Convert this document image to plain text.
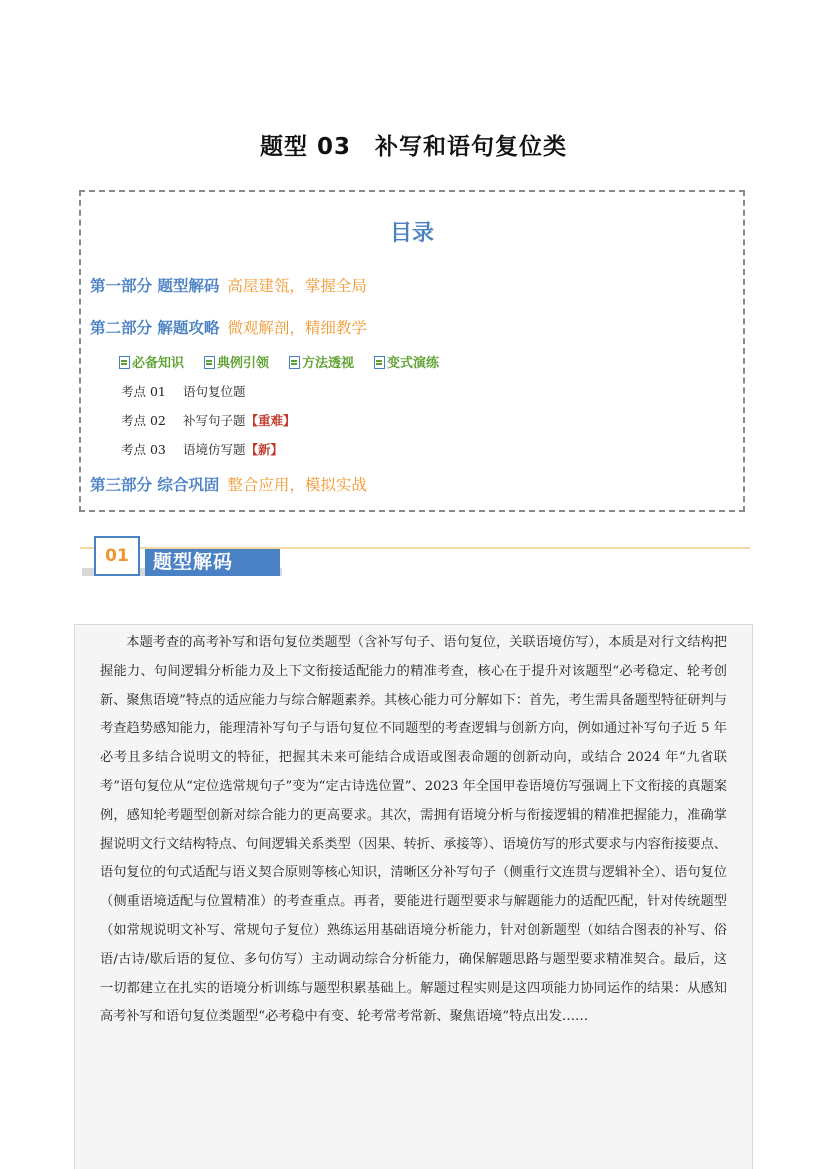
题型 03　补写和语句复位类
目录
第一部分 题型解码 高屋建瓴，掌握全局
第二部分 解题攻略 微观解剖，精细教学
必备知识	典例引领	方法透视	变式演练
考点 01 语句复位题
考点 02 补写句子题【重难】
考点 03 语境仿写题【新】
第三部分 综合巩固 整合应用，模拟实战
01	题型解码

本题考查的高考补写和语句复位类题型（含补写句子、语句复位，关联语境仿写），本质是对行文结构把握能力、句间逻辑分析能力及上下文衔接适配能力的精准考查，核心在于提升对该题型“必考稳定、轮考创新、聚焦语境”特点的适应能力与综合解题素养。其核心能力可分解如下：首先，考生需具备题型特征研判与考查趋势感知能力，能理清补写句子与语句复位不同题型的考查逻辑与创新方向，例如通过补写句子近 5 年必考且多结合说明文的特征，把握其未来可能结合成语或图表命题的创新动向，或结合 2024 年“九省联考”语句复位从“定位选常规句子”变为“定古诗选位置”、2023 年全国甲卷语境仿写强调上下文衔接的真题案例，感知轮考题型创新对综合能力的更高要求。其次，需拥有语境分析与衔接逻辑的精准把握能力，准确掌握说明文行文结构特点、句间逻辑关系类型（因果、转折、承接等）、语境仿写的形式要求与内容衔接要点、语句复位的句式适配与语义契合原则等核心知识，清晰区分补写句子（侧重行文连贯与逻辑补全）、语句复位（侧重语境适配与位置精准）的考查重点。再者，要能进行题型要求与解题能力的适配匹配，针对传统题型（如常规说明文补写、常规句子复位）熟练运用基础语境分析能力，针对创新题型（如结合图表的补写、俗语/古诗/歇后语的复位、多句仿写）主动调动综合分析能力，确保解题思路与题型要求精准契合。最后，这一切都建立在扎实的语境分析训练与题型积累基础上。解题过程实则是这四项能力协同运作的结果：从感知高考补写和语句复位类题型“必考稳中有变、轮考常考常新、聚焦语境”特点出发……
